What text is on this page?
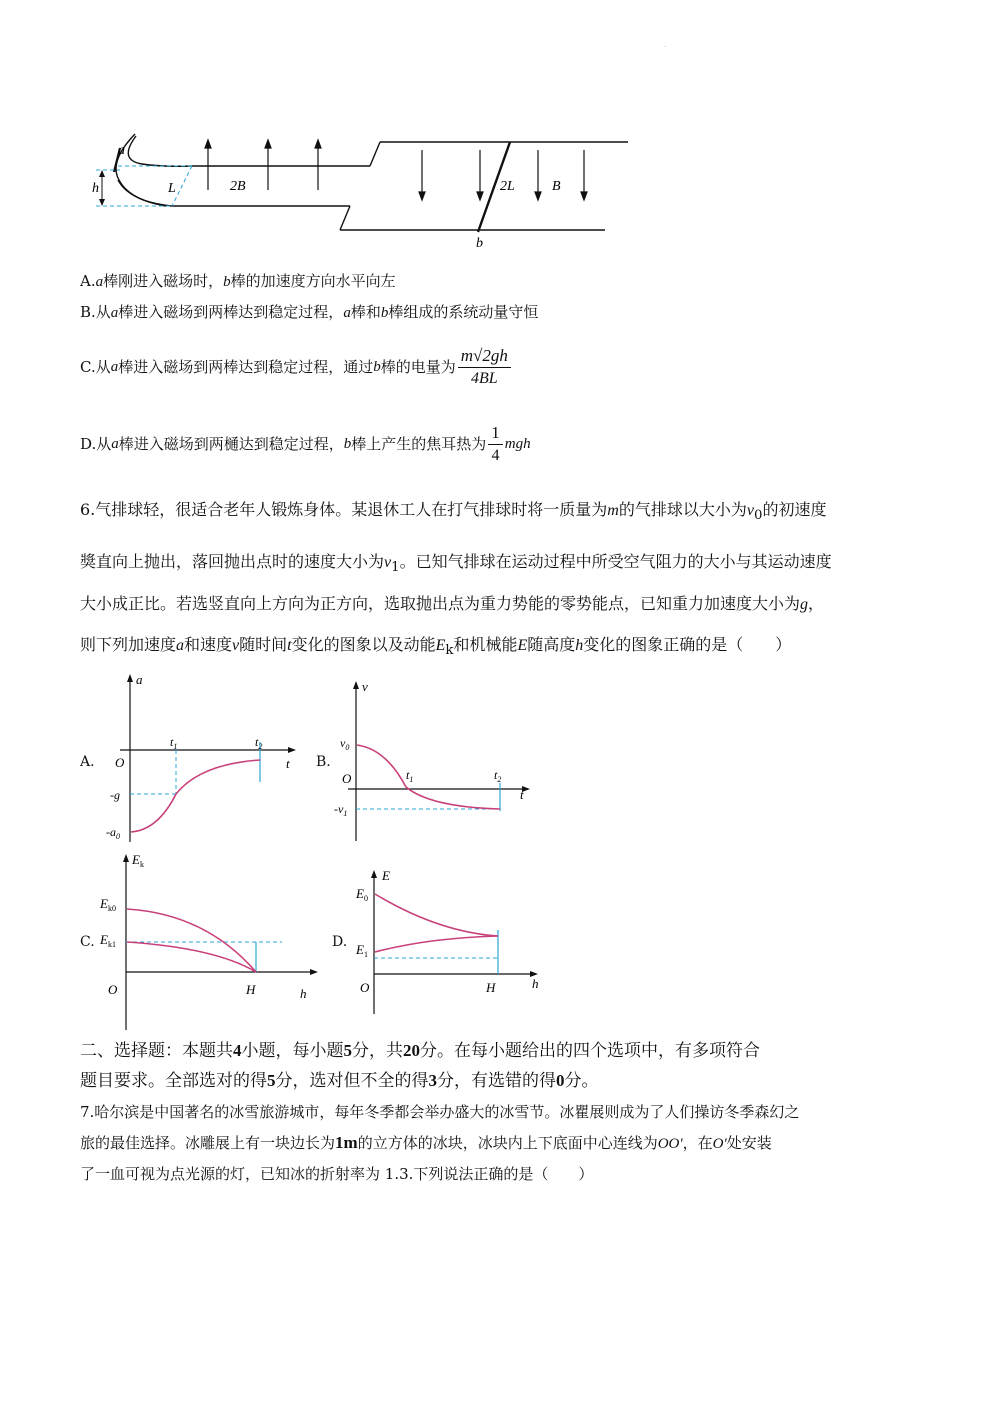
.
a
h	L	2B	2L	B
b
A.a棒刚进入磁场时，b棒的加速度方向水平向左
B.从a棒进入磁场到两棒达到稳定过程，a棒和b棒组成的系统动量守恒
C.从 a 棒进入磁场到两棒达到稳定过程，通过 b 棒的电量为 $\frac{m√2gh}{4BL}$
D.从 a 棒进入磁场到两樋达到稳定过程， b 棒上产生的焦耳热为 $\frac{1}{4}$ mgh
6.气排球轻，很适合老年人锻炼身体。某退休工人在打气排球时将一质量为m的气排球以大小为$v_0$的初速度
獎直向上抛出，落回抛出点时的速度大小为$v_1$。已知气排球在运动过程中所受空气阻力的大小与其运动速度
大小成正比。若选竖直向上方向为正方向，选取抛出点为重力势能的零势能点，已知重力加速度大小为g，
则下列加速度a和速度v随时间t变化的图象以及动能$E_k$和机械能E随高度h变化的图象正确的是（　　）
A.
a
t
O
$t_1$	$t_2$
-g
$-a_0$
B.
v
t
O
$v_0$
$t_1$	$t_2$
$-v_1$
C.
$E_k$
h
O	H
$E_{k0}$
$E_{k1}$	D.
E
h
O	H
$E_0$
$E_1$
二、选择题：本题共4小题，每小题5分，共20分。在每小题给出的四个选项中，有多项符合
题目要求。全部选对的得5分，选对但不全的得3分，有选错的得0分。
7.哈尔滨是中国著名的冰雪旅游城市，每年冬季都会举办盛大的冰雪节。冰瞿展则成为了人们操访冬季森幻之
旅的最佳选择。冰雕展上有一块边长为1m的立方体的冰块，冰块内上下底面中心连线为OO′，在O′处安装
了一血可视为点光源的灯，已知冰的折射率为 1.3.下列说法正确的是（　　）
